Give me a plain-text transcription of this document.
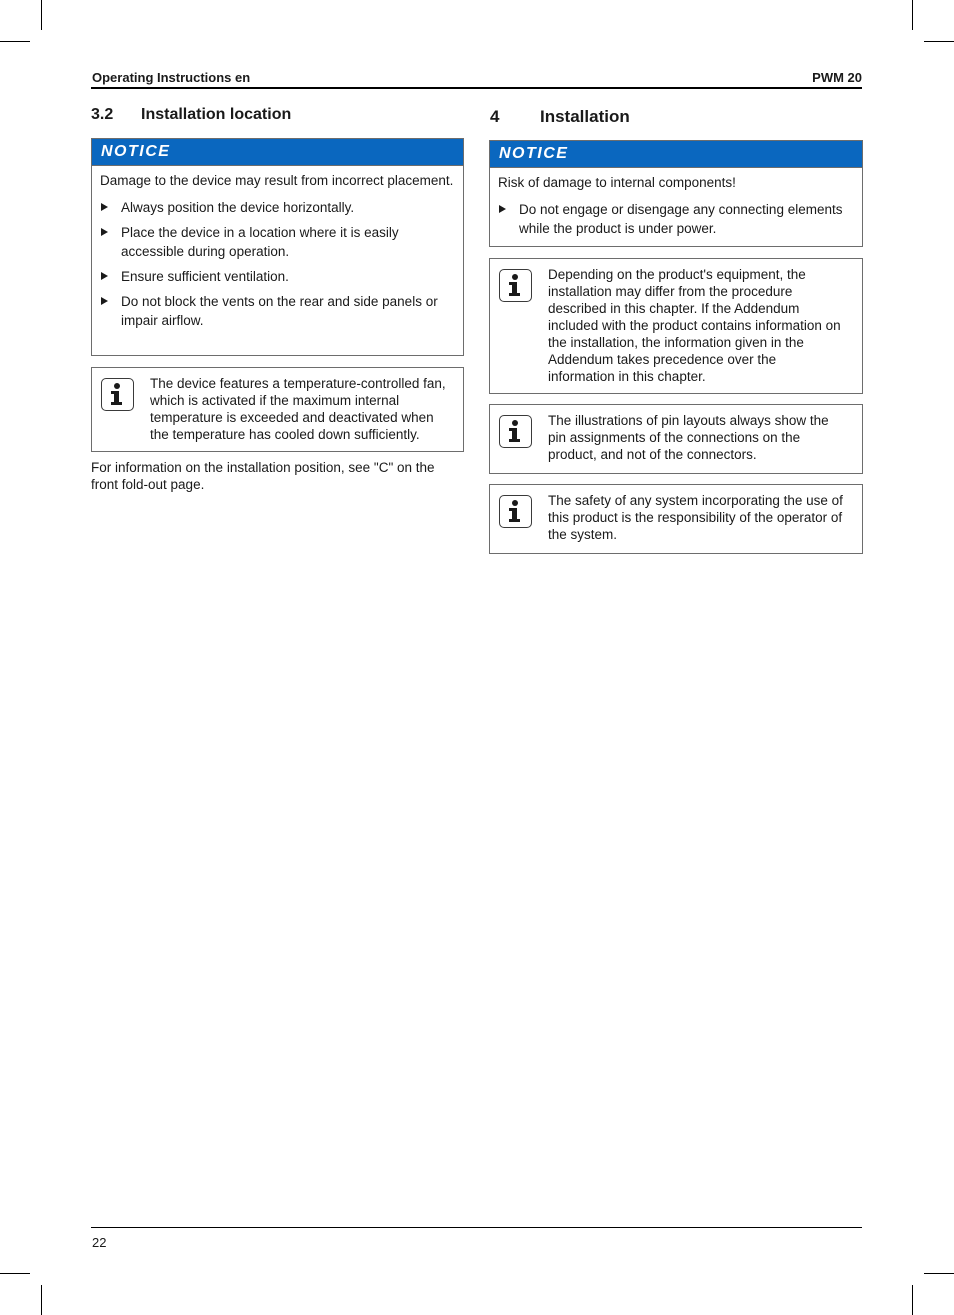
Operating Instructions en	PWM 20
3.2 Installation location
NOTICE

Damage to the device may result from incorrect placement.

Always position the device horizontally.
Place the device in a location where it is easily accessible during operation.
Ensure sufficient ventilation.
Do not block the vents on the rear and side panels or impair airflow.
The device features a temperature-controlled fan, which is activated if the maximum internal temperature is exceeded and deactivated when the temperature has cooled down sufficiently.
For information on the installation position, see "C" on the front fold-out page.
4 Installation
NOTICE

Risk of damage to internal components!

Do not engage or disengage any connecting elements while the product is under power.
Depending on the product's equipment, the installation may differ from the procedure described in this chapter. If the Addendum included with the product contains information on the installation, the information given in the Addendum takes precedence over the information in this chapter.
The illustrations of pin layouts always show the pin assignments of the connections on the product, and not of the connectors.
The safety of any system incorporating the use of this product is the responsibility of the operator of the system.
22
